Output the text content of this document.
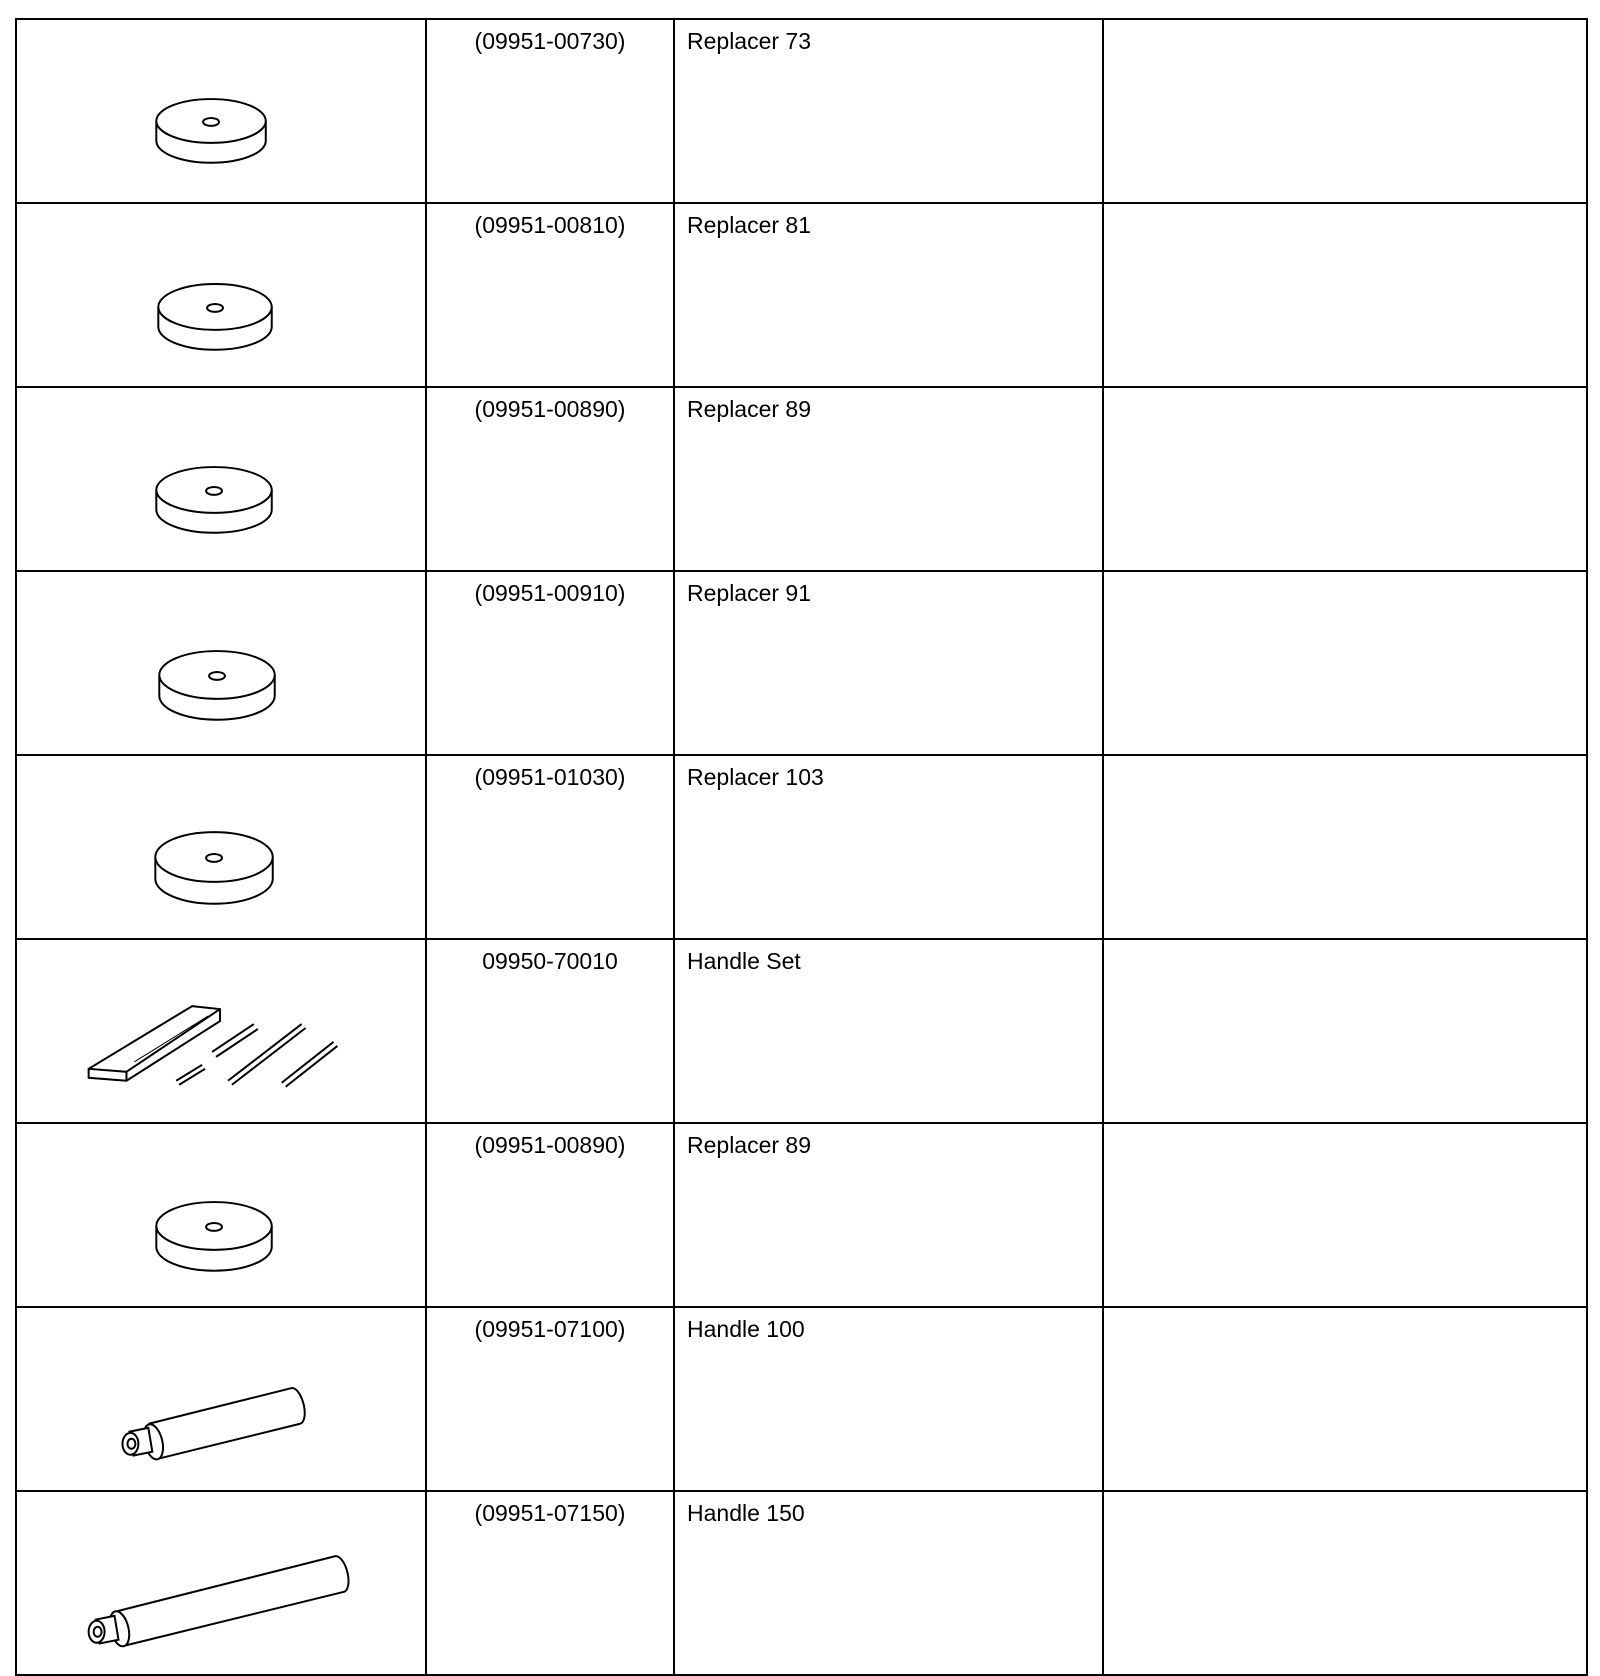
	(09951-00730)	Replacer 73	

	(09951-00810)	Replacer 81	

	(09951-00890)	Replacer 89	

	(09951-00910)	Replacer 91	

	(09951-01030)	Replacer 103	

	09950-70010	Handle Set	

	(09951-00890)	Replacer 89	

	(09951-07100)	Handle 100	

	(09951-07150)	Handle 150	
